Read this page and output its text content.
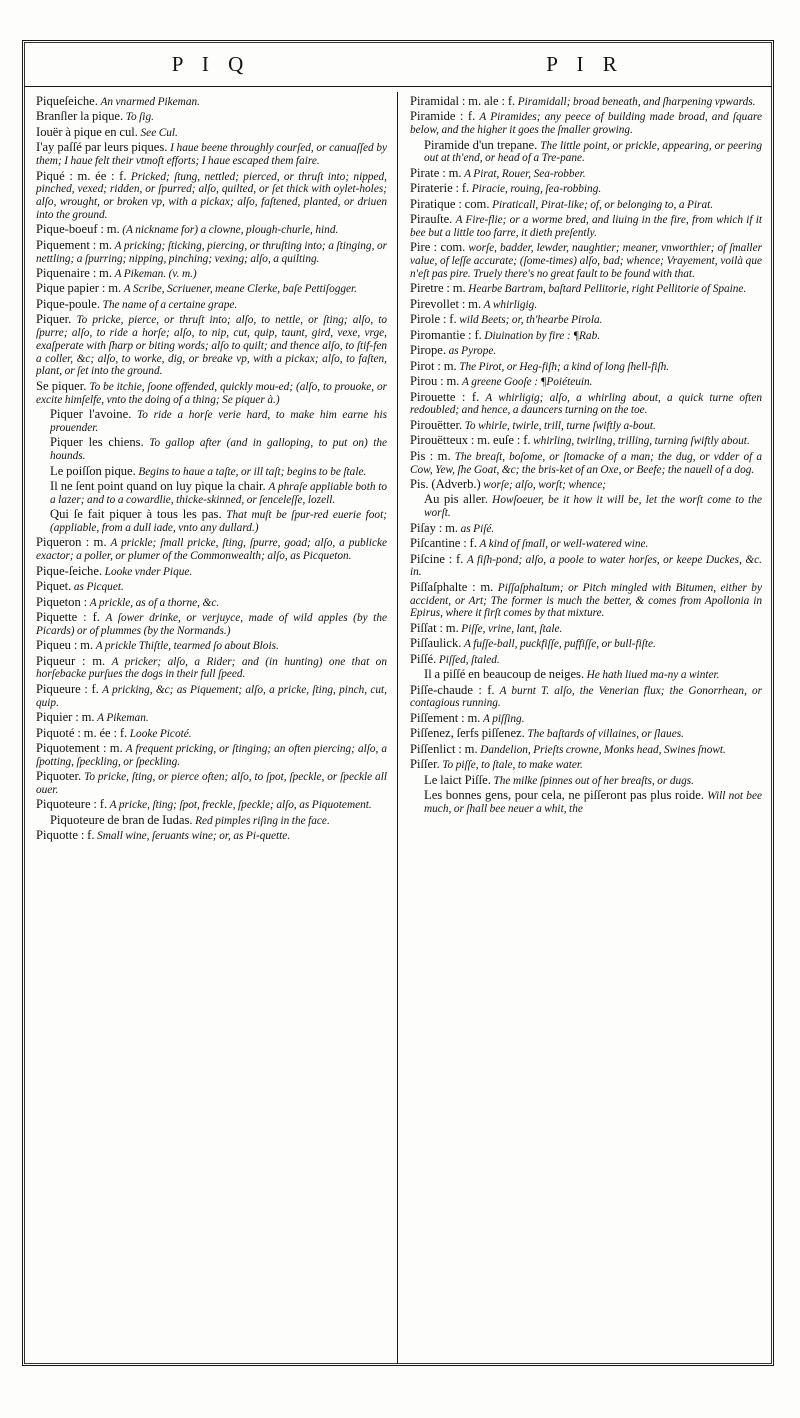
P I Q	P I R

Piqueſeiche. An vnarmed Pikeman.

Branſler la pique. To ſig.

Iouër à pique en cul. See Cul.

I'ay paſſé par leurs piques. I haue beene throughly courſed, or canuaſſed by them; I haue felt their vtmoſt efforts; I haue escaped them faire.

Piqué : m. ée : f. Pricked; ſtung, nettled; pierced, or thruſt into; nipped, pinched, vexed; ridden, or ſpurred; alſo, quilted, or ſet thick with oylet-holes; alſo, wrought, or broken vp, with a pickax; alſo, faſtened, planted, or driuen into the ground.

Pique-boeuf : m. (A nickname for) a clowne, plough-churle, hind.

Piquement : m. A pricking; ſticking, piercing, or thruſting into; a ſtinging, or nettling; a ſpurring; nipping, pinching; vexing; alſo, a quilting.

Piquenaire : m. A Pikeman. (v. m.)

Pique papier : m. A Scribe, Scriuener, meane Clerke, baſe Pettiſogger.

Pique-poule. The name of a certaine grape.

Piquer. To pricke, pierce, or thruſt into; alſo, to nettle, or ſting; alſo, to ſpurre; alſo, to ride a horſe; alſo, to nip, cut, quip, taunt, gird, vexe, vrge, exaſperate with ſharp or biting words; alſo to quilt; and thence alſo, to ſtif-fen a coller, &c; alſo, to worke, dig, or breake vp, with a pickax; alſo, to faſten, plant, or ſet into the ground.

Se piquer. To be itchie, ſoone offended, quickly mou-ed; (alſo, to prouoke, or excite himſelfe, vnto the doing of a thing; Se piquer à.)

Piquer l'avoine. To ride a horſe verie hard, to make him earne his prouender.

Piquer les chiens. To gallop after (and in galloping, to put on) the hounds.

Le poiſſon pique. Begins to haue a taſte, or ill taſt; begins to be ſtale.

Il ne ſent point quand on luy pique la chair. A phraſe appliable both to a lazer; and to a cowardlie, thicke-skinned, or ſenceleſſe, lozell.

Qui ſe fait piquer à tous les pas. That muſt be ſpur-red euerie foot; (appliable, from a dull iade, vnto any dullard.)

Piqueron : m. A prickle; ſmall pricke, ſting, ſpurre, goad; alſo, a publicke exactor; a poller, or plumer of the Commonwealth; alſo, as Picqueton.

Pique-ſeiche. Looke vnder Pique.

Piquet. as Picquet.

Piqueton : A prickle, as of a thorne, &c.

Piquette : f. A ſower drinke, or verjuyce, made of wild apples (by the Picards) or of plummes (by the Normands.)

Piqueu : m. A prickle Thiſtle, tearmed ſo about Blois.

Piqueur : m. A pricker; alſo, a Rider; and (in hunting) one that on horſebacke purſues the dogs in their full ſpeed.

Piqueure : f. A pricking, &c; as Piquement; alſo, a pricke, ſting, pinch, cut, quip.

Piquier : m. A Pikeman.

Piquoté : m. ée : f. Looke Picoté.

Piquotement : m. A frequent pricking, or ſtinging; an often piercing; alſo, a ſpotting, ſpeckling, or ſpeckling.

Piquoter. To pricke, ſting, or pierce often; alſo, to ſpot, ſpeckle, or ſpeckle all ouer.

Piquoteure : f. A pricke, ſting; ſpot, freckle, ſpeckle; alſo, as Piquotement.

Piquoteure de bran de Iudas. Red pimples riſing in the face.

Piquotte : f. Small wine, ſeruants wine; or, as Pi-quette.

Piramidal : m. ale : f. Piramidall; broad beneath, and ſharpening vpwards.

Piramide : f. A Piramides; any peece of building made broad, and ſquare below, and the higher it goes the ſmaller growing.

Piramide d'un trepane. The little point, or prickle, appearing, or peering out at th'end, or head of a Tre-pane.

Pirate : m. A Pirat, Rouer, Sea-robber.

Piraterie : f. Piracie, rouing, ſea-robbing.

Piratique : com. Piraticall, Pirat-like; of, or belonging to, a Pirat.

Pirauſte. A Fire-flie; or a worme bred, and liuing in the fire, from which if it bee but a little too farre, it dieth preſently.

Pire : com. worſe, badder, lewder, naughtier; meaner, vnworthier; of ſmaller value, of leſſe accurate; (ſome-times) alſo, bad; whence; Vrayement, voilà que n'eſt pas pire. Truely there's no great fault to be found with that.

Piretre : m. Hearbe Bartram, baſtard Pellitorie, right Pellitorie of Spaine.

Pirevollet : m. A whirligig.

Pirole : f. wild Beets; or, th'hearbe Pirola.

Piromantie : f. Diuination by fire : ¶Rab.

Pirope. as Pyrope.

Pirot : m. The Pirot, or Heg-fiſh; a kind of long ſhell-fiſh.

Pirou : m. A greene Gooſe : ¶Poiéteuin.

Pirouette : f. A whirligig; alſo, a whirling about, a quick turne often redoubled; and hence, a dauncers turning on the toe.

Pirouëtter. To whirle, twirle, trill, turne ſwiftly a-bout.

Pirouëtteux : m. euſe : f. whirling, twirling, trilling, turning ſwiftly about.

Pis : m. The breaſt, boſome, or ſtomacke of a man; the dug, or vdder of a Cow, Yew, ſhe Goat, &c; the bris-ket of an Oxe, or Beefe; the nauell of a dog.

Pis. (Adverb.) worſe; alſo, worſt; whence;

Au pis aller. Howſoeuer, be it how it will be, let the worſt come to the worſt.

Piſay : m. as Piſé.

Piſcantine : f. A kind of ſmall, or well-watered wine.

Piſcine : f. A fiſh-pond; alſo, a poole to water horſes, or keepe Duckes, &c. in.

Piſſaſphalte : m. Piſſaſphaltum; or Pitch mingled with Bitumen, either by accident, or Art; The former is much the better, & comes from Apollonia in Epirus, where it firſt comes by that mixture.

Piſſat : m. Piſſe, vrine, lant, ſtale.

Piſſaulick. A fuſſe-ball, puckfiſſe, puffiſſe, or bull-fiſte.

Piſſé. Piſſed, ſtaled.

Il a piſſé en beaucoup de neiges. He hath liued ma-ny a winter.

Piſſe-chaude : f. A burnt T. alſo, the Venerian flux; the Gonorrhean, or contagious running.

Piſſement : m. A piſſing.

Piſſenez, ſerfs piſſenez. The baſtards of villaines, or ſlaues.

Piſſenlict : m. Dandelion, Prieſts crowne, Monks head, Swines ſnowt.

Piſſer. To piſſe, to ſtale, to make water.

Le laict Piſſe. The milke ſpinnes out of her breaſts, or dugs.

Les bonnes gens, pour cela, ne piſſeront pas plus roide. Will not bee much, or ſhall bee neuer a whit, the
